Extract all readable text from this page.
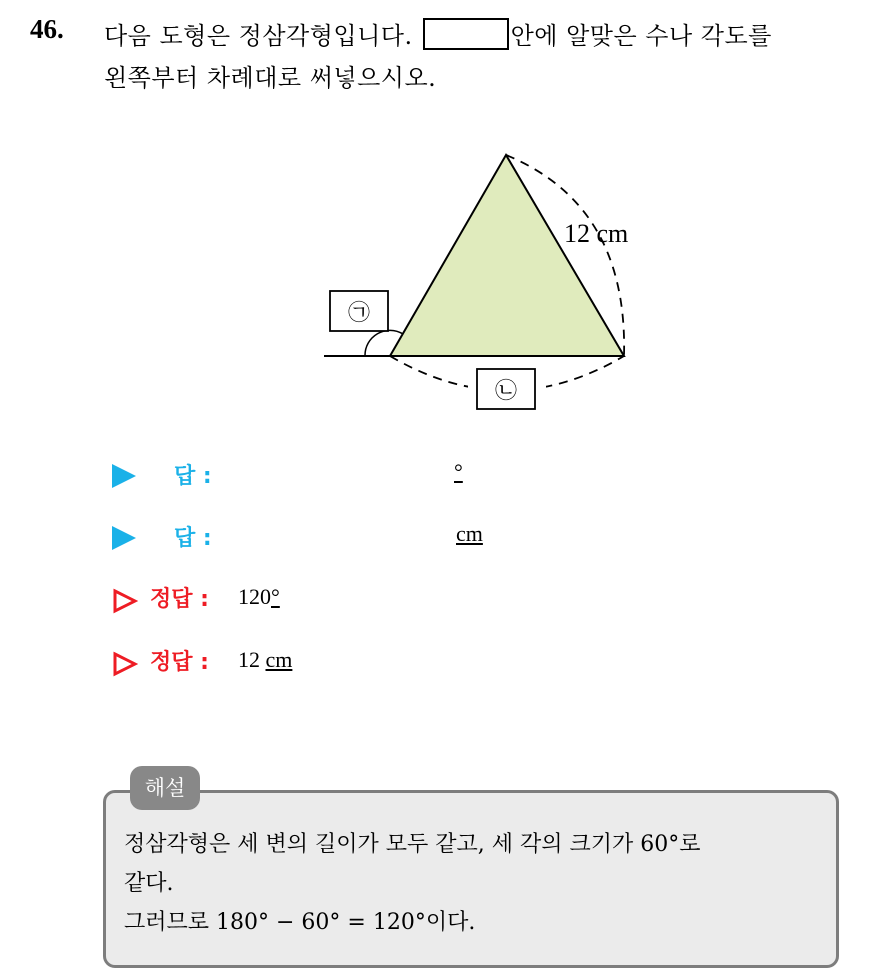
46. 다음 도형은 정삼각형입니다.	안에 알맞은 수나 각도를
왼쪽부터 차례대로 써넣으시오.
12 cm
㉠
㉡
답 :	°
답 :	cm
정답 : 120°
정답 : 12 cm
해설
정삼각형은 세 변의 길이가 모두 같고, 세 각의 크기가 60°로
같다.
그러므로 180° − 60° = 120°이다.
